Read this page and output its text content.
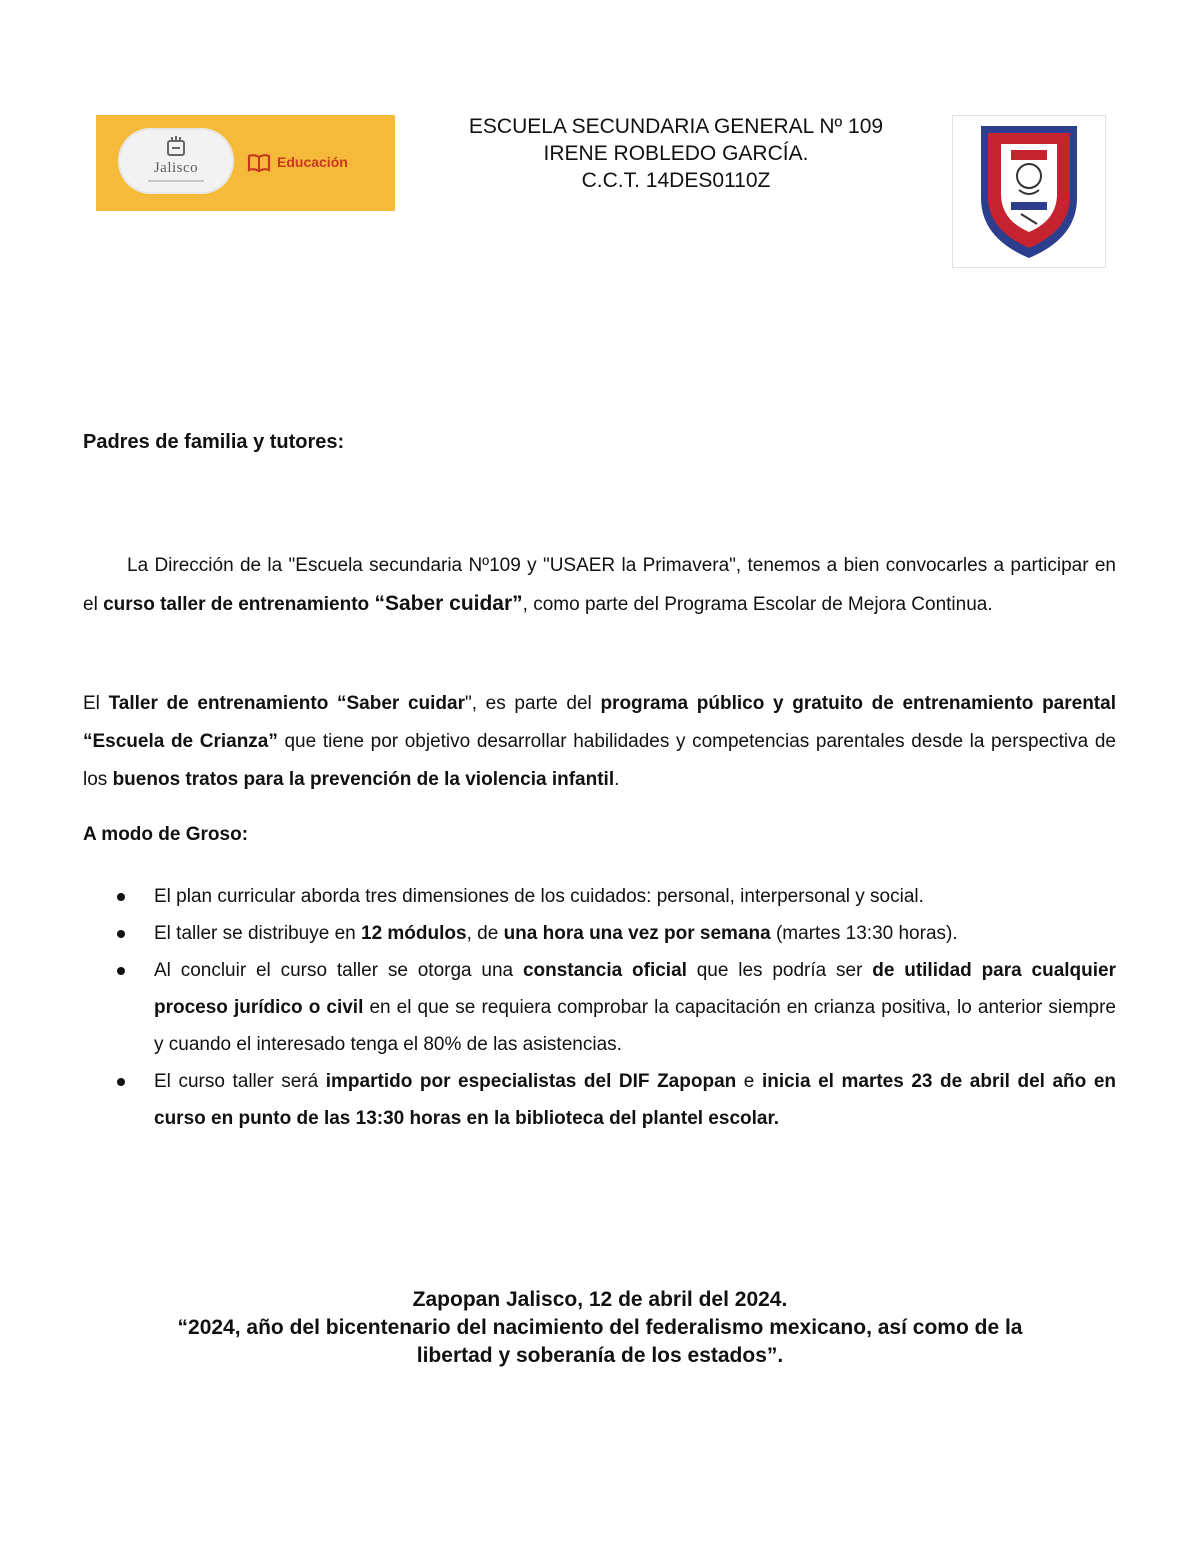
Jalisco	Educación
ESCUELA SECUNDARIA GENERAL Nº 109
IRENE ROBLEDO GARCÍA.
C.C.T. 14DES0110Z
Padres de familia y tutores:
La Dirección de la "Escuela secundaria Nº109 y "USAER la Primavera", tenemos a bien convocarles a participar en el curso taller de entrenamiento “Saber cuidar”, como parte del Programa Escolar de Mejora Continua.
El Taller de entrenamiento “Saber cuidar", es parte del programa público y gratuito de entrenamiento parental “Escuela de Crianza” que tiene por objetivo desarrollar habilidades y competencias parentales desde la perspectiva de los buenos tratos para la prevención de la violencia infantil.
A modo de Groso:
El plan curricular aborda tres dimensiones de los cuidados: personal, interpersonal y social.
El taller se distribuye en 12 módulos, de una hora una vez por semana (martes 13:30 horas).
Al concluir el curso taller se otorga una constancia oficial que les podría ser de utilidad para cualquier proceso jurídico o civil en el que se requiera comprobar la capacitación en crianza positiva, lo anterior siempre y cuando el interesado tenga el 80% de las asistencias.
El curso taller será impartido por especialistas del DIF Zapopan e inicia el martes 23 de abril del año en curso en punto de las 13:30 horas en la biblioteca del plantel escolar.
Zapopan Jalisco, 12 de abril del 2024.
“2024, año del bicentenario del nacimiento del federalismo mexicano, así como de la
libertad y soberanía de los estados”.
